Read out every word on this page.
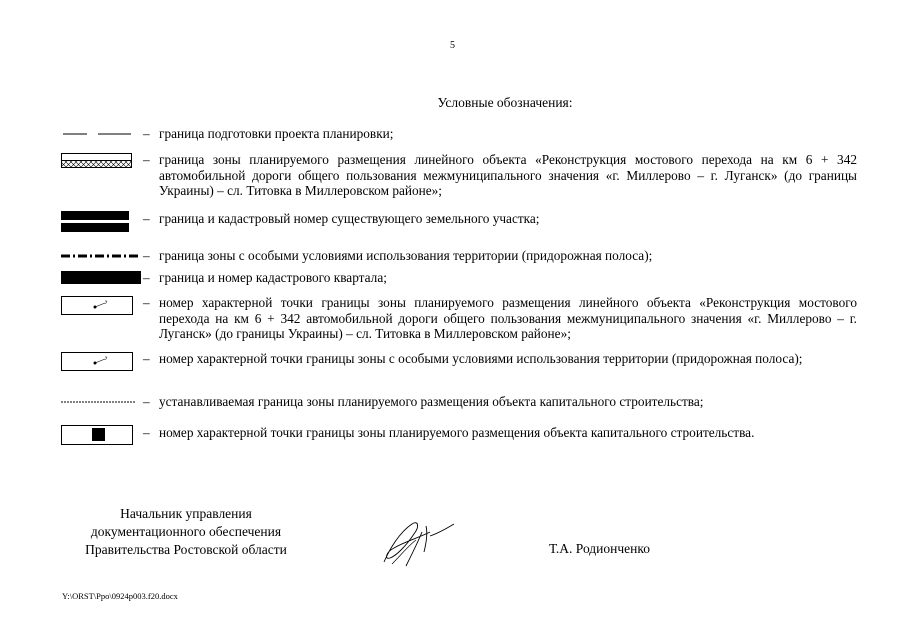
5
Условные обозначения:
– граница подготовки проекта планировки;
– граница зоны планируемого размещения линейного объекта «Реконструкция мостового перехода на км 6 + 342 автомобильной дороги общего пользования межмуниципального значения «г. Миллерово – г. Луганск» (до границы Украины) – сл. Титовка в Миллеровском районе»;
– граница и кадастровый номер существующего земельного участка;
– граница зоны с особыми условиями использования территории (придорожная полоса);
– граница и номер кадастрового квартала;
– номер характерной точки границы зоны планируемого размещения линейного объекта «Реконструкция мостового перехода на км 6 + 342 автомобильной дороги общего пользования межмуниципального значения «г. Миллерово – г. Луганск» (до границы Украины) – сл. Титовка в Миллеровском районе»;
– номер характерной точки границы зоны с особыми условиями использования территории (придорожная полоса);
– устанавливаемая граница зоны планируемого размещения объекта капитального строительства;
– номер характерной точки границы зоны планируемого размещения объекта капитального строительства.
Начальник управления
документационного обеспечения
Правительства Ростовской области	Т.А. Родионченко
Y:\ORST\Ppo\0924p003.f20.docx
